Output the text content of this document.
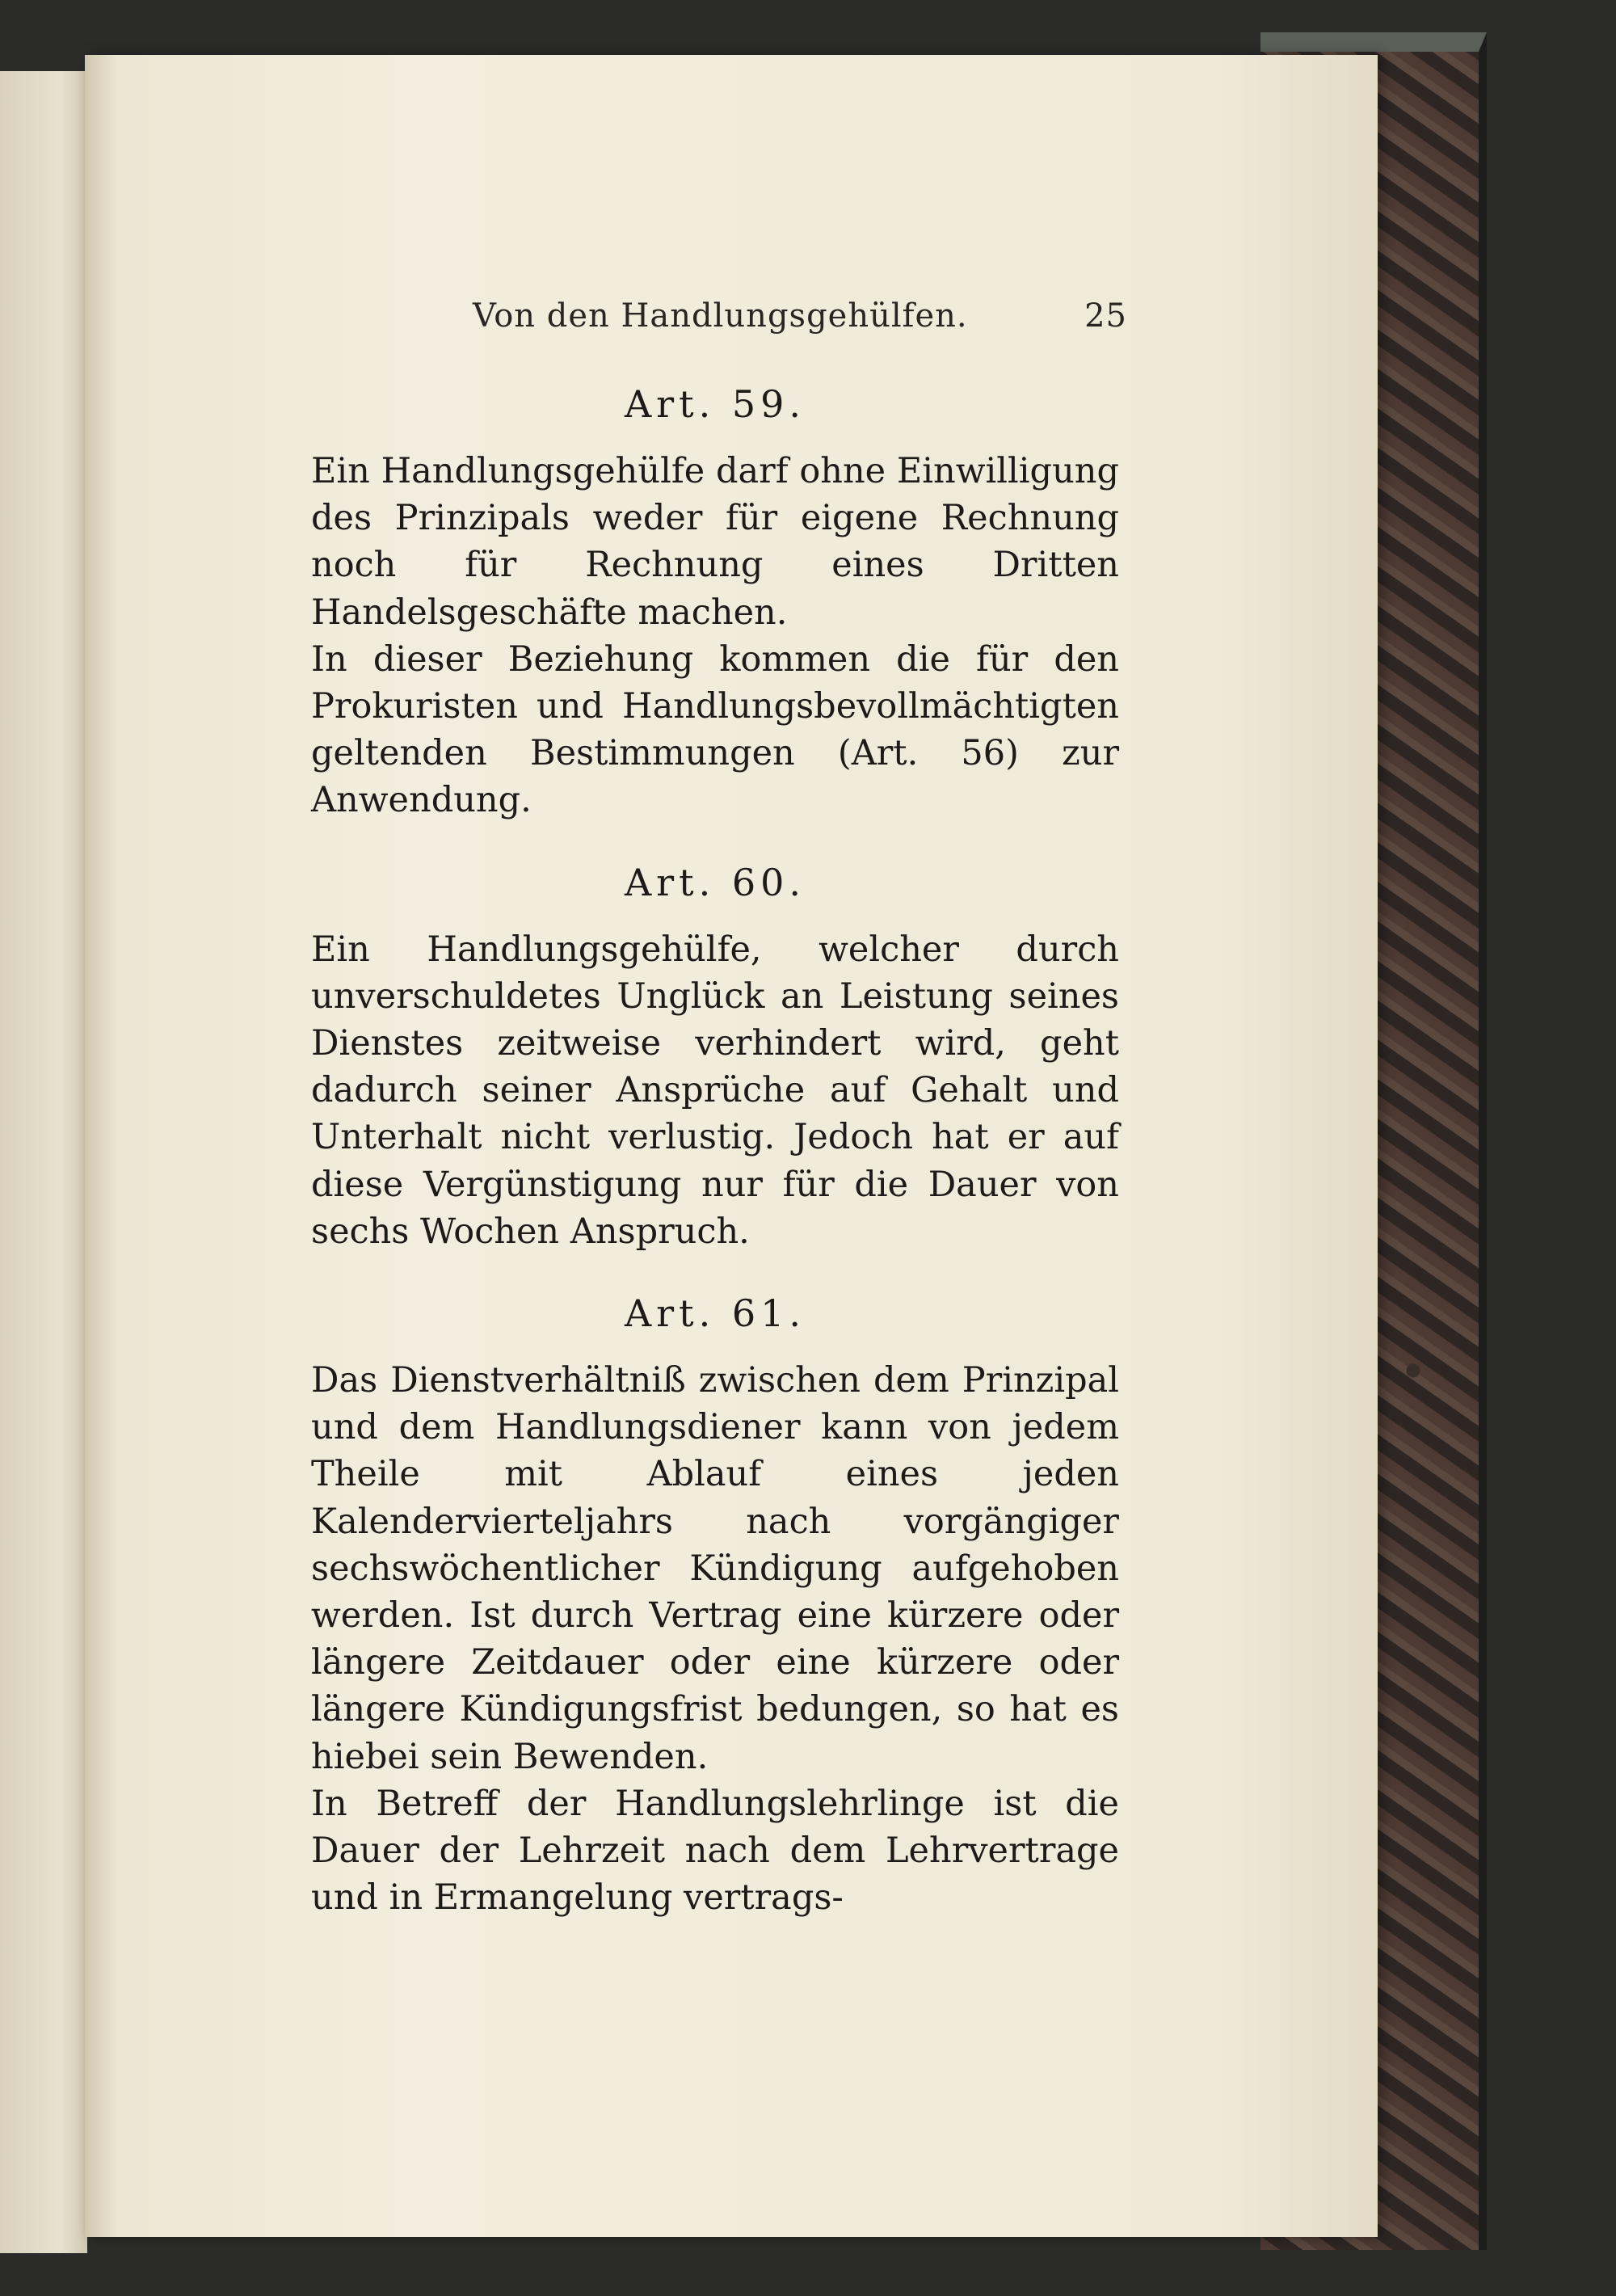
Von den Handlungsgehülfen.	25
Art. 59.
Ein Handlungsgehülfe darf ohne Einwilligung des Prinzipals weder für eigene Rechnung noch für Rechnung eines Dritten Handelsgeschäfte machen.
In dieser Beziehung kommen die für den Prokuristen und Handlungsbevollmächtigten geltenden Bestimmungen (Art. 56) zur Anwendung.
Art. 60.
Ein Handlungsgehülfe, welcher durch unverschuldetes Unglück an Leistung seines Dienstes zeitweise verhindert wird, geht dadurch seiner Ansprüche auf Gehalt und Unterhalt nicht verlustig. Jedoch hat er auf diese Vergünstigung nur für die Dauer von sechs Wochen Anspruch.
Art. 61.
Das Dienstverhältniß zwischen dem Prinzipal und dem Handlungsdiener kann von jedem Theile mit Ablauf eines jeden Kalendervierteljahrs nach vorgängiger sechswöchentlicher Kündigung aufgehoben werden. Ist durch Vertrag eine kürzere oder längere Zeitdauer oder eine kürzere oder längere Kündigungsfrist bedungen, so hat es hiebei sein Bewenden.
In Betreff der Handlungslehrlinge ist die Dauer der Lehrzeit nach dem Lehrvertrage und in Ermangelung vertrags-
